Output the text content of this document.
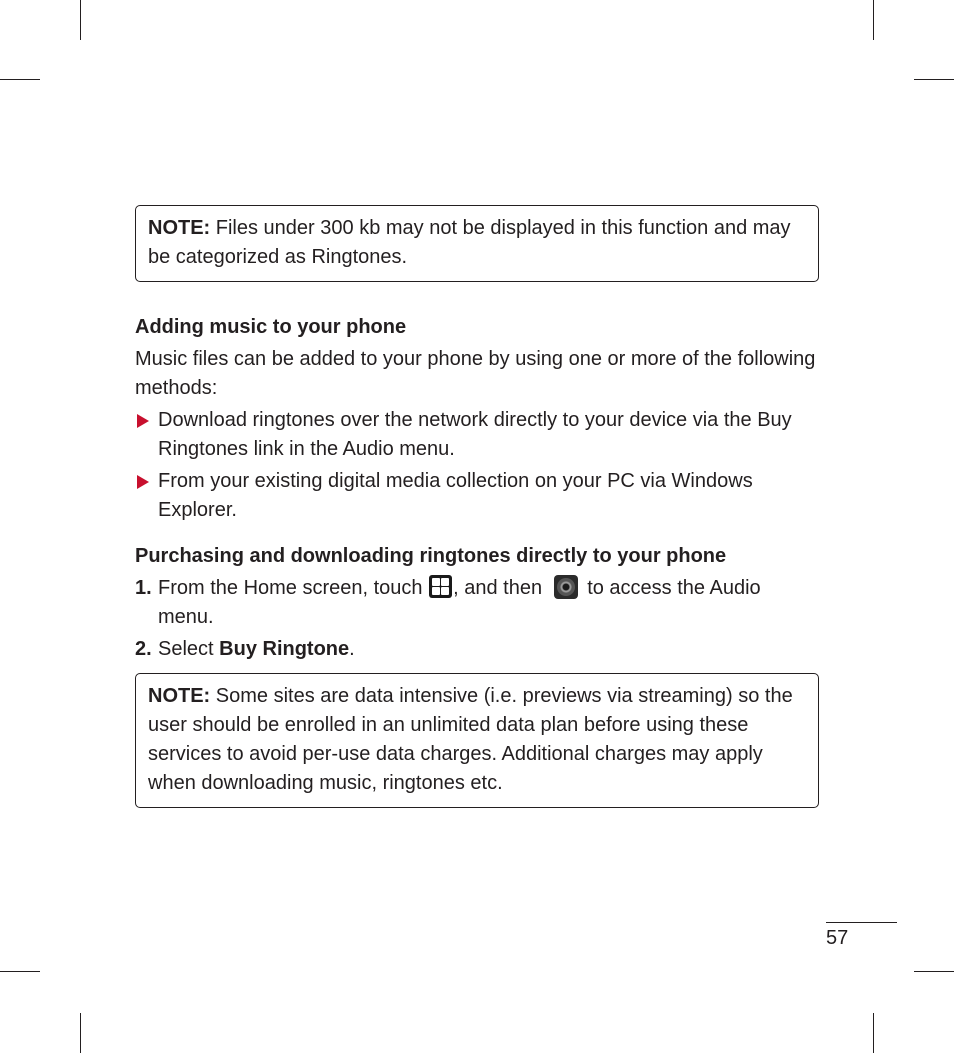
NOTE: Files under 300 kb may not be displayed in this function and may be categorized as Ringtones.
Adding music to your phone

Music files can be added to your phone by using one or more of the following methods:

Download ringtones over the network directly to your device via the Buy Ringtones link in the Audio menu.
From your existing digital media collection on your PC via Windows Explorer.
Purchasing and downloading ringtones directly to your phone
1. From the Home screen, touch
, and then  to access the Audio menu.
2. Select Buy Ringtone.
NOTE: Some sites are data intensive (i.e. previews via streaming) so the user should be enrolled in an unlimited data plan before using these services to avoid per-use data charges. Additional charges may apply when downloading music, ringtones etc.
57
